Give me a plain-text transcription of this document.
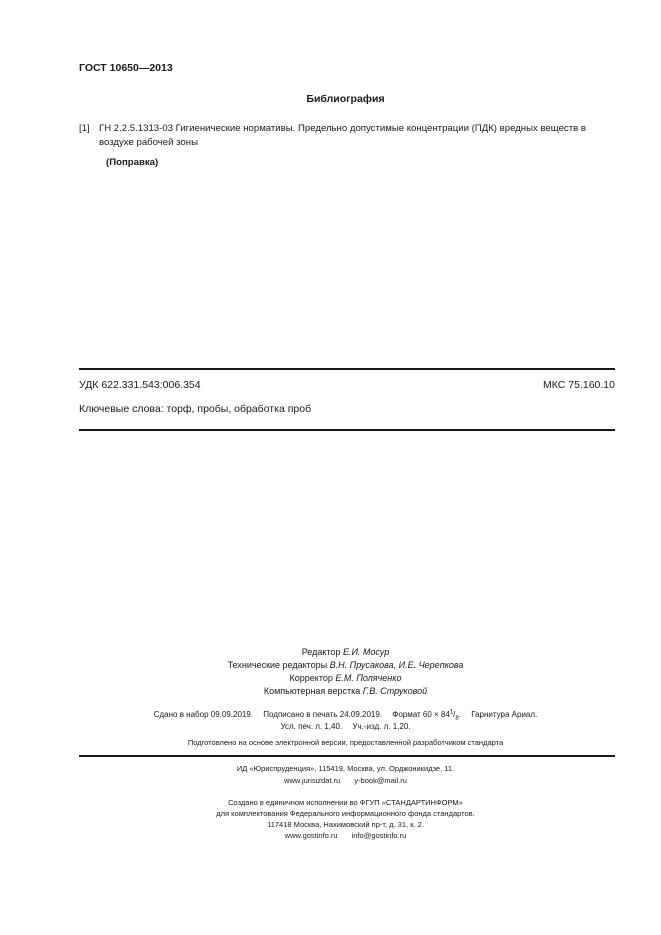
ГОСТ 10650—2013
Библиография
[1] ГН 2.2.5.1313-03 Гигиенические нормативы. Предельно допустимые концентрации (ПДК) вредных веществ в воздухе рабочей зоны
(Поправка)
УДК 622.331.543:006.354	МКС 75.160.10
Ключевые слова: торф, пробы, обработка проб
Редактор Е.И. Мосур
Технические редакторы В.Н. Прусакова, И.Е. Черепкова
Корректор Е.М. Поляченко
Компьютерная верстка Г.В. Струковой
Сдано в набор 09.09.2019. Подписано в печать 24.09.2019. Формат $60 \times 84^1/_8$. Гарнитура Ариал.
Усл. печ. л. 1,40. Уч.-изд. л. 1,20.
Подготовлено на основе электронной версии, предоставленной разработчиком стандарта
ИД «Юриспруденция», 115419, Москва, ул. Орджоникидзе, 11.
www.jurisizdat.ru y-book@mail.ru
Создано в единичном исполнении во ФГУП «СТАНДАРТИНФОРМ»
для комплектования Федерального информационного фонда стандартов.
117418 Москва, Нахимовский пр-т, д. 31, к. 2.
www.gostinfo.ru info@gostinfo.ru
